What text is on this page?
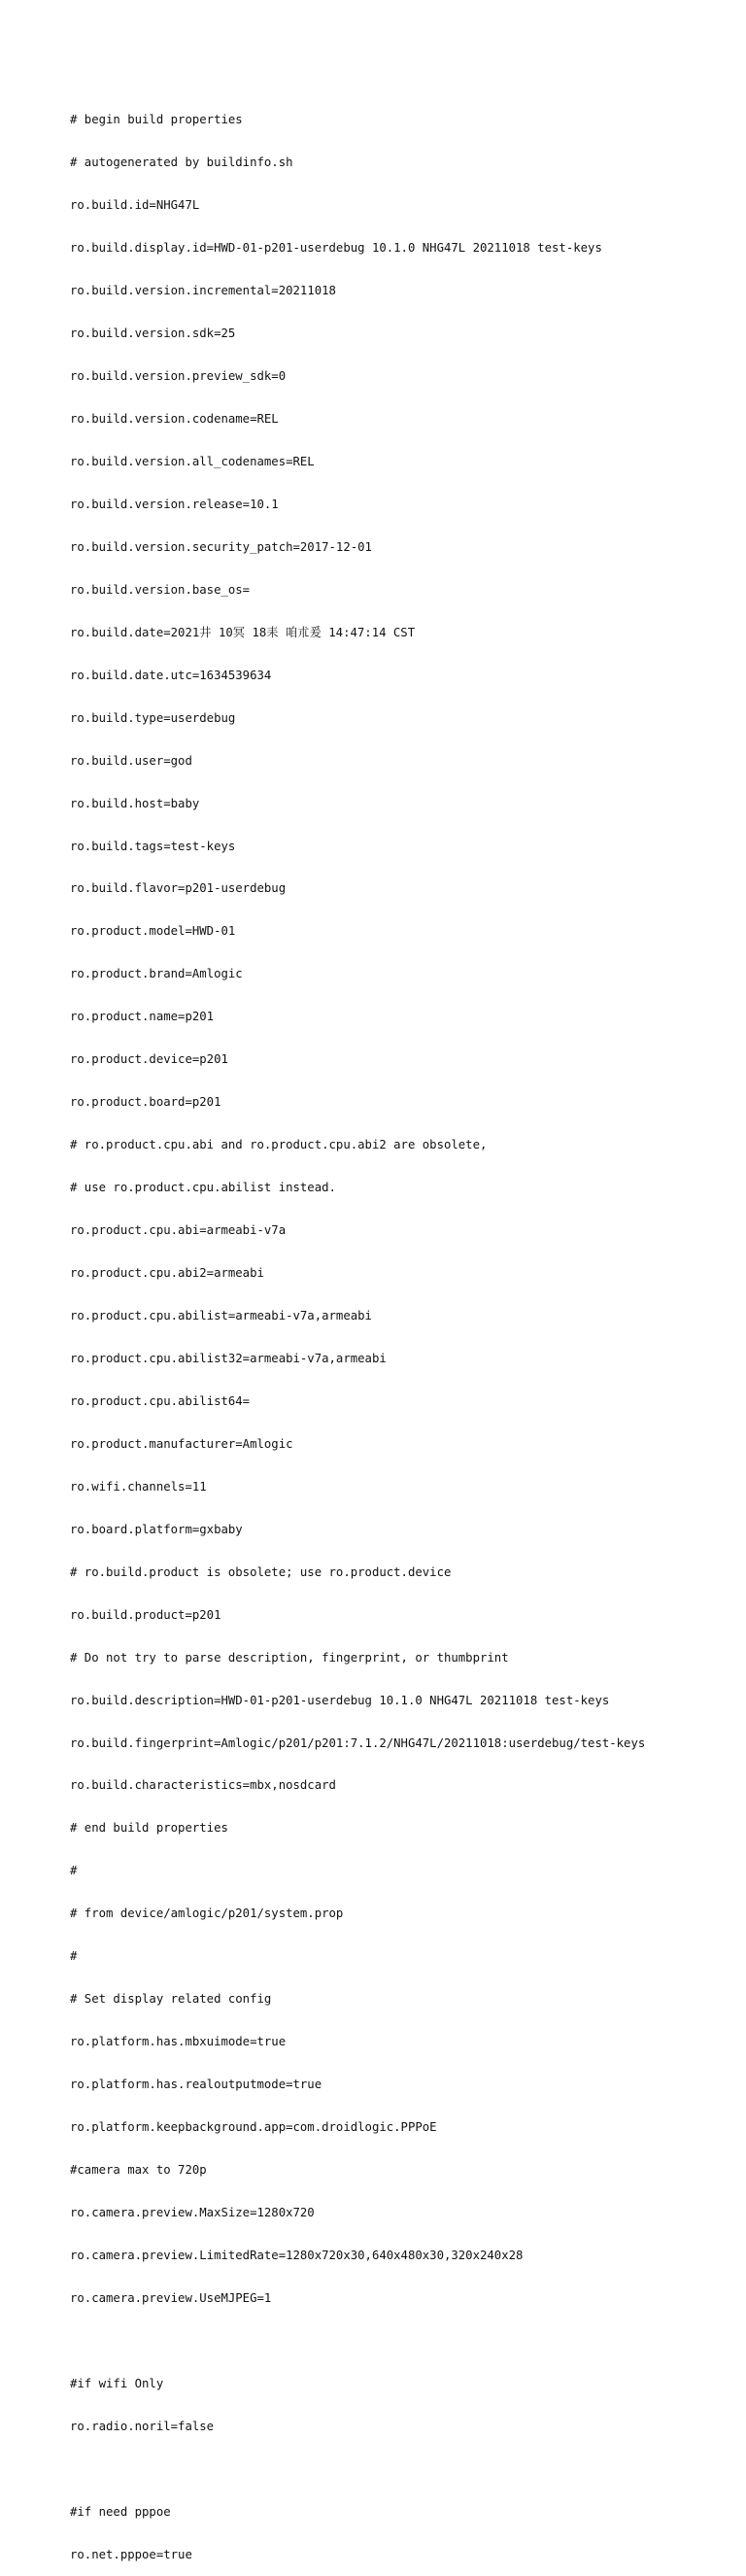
# begin build properties

# autogenerated by buildinfo.sh

ro.build.id=NHG47L

ro.build.display.id=HWD-01-p201-userdebug 10.1.0 NHG47L 20211018 test-keys

ro.build.version.incremental=20211018

ro.build.version.sdk=25

ro.build.version.preview_sdk=0

ro.build.version.codename=REL

ro.build.version.all_codenames=REL

ro.build.version.release=10.1

ro.build.version.security_patch=2017-12-01

ro.build.version.base_os=

ro.build.date=2021井 10冥 18耒 咱朮爰 14:47:14 CST

ro.build.date.utc=1634539634

ro.build.type=userdebug

ro.build.user=god

ro.build.host=baby

ro.build.tags=test-keys

ro.build.flavor=p201-userdebug

ro.product.model=HWD-01

ro.product.brand=Amlogic

ro.product.name=p201

ro.product.device=p201

ro.product.board=p201

# ro.product.cpu.abi and ro.product.cpu.abi2 are obsolete,

# use ro.product.cpu.abilist instead.

ro.product.cpu.abi=armeabi-v7a

ro.product.cpu.abi2=armeabi

ro.product.cpu.abilist=armeabi-v7a,armeabi

ro.product.cpu.abilist32=armeabi-v7a,armeabi

ro.product.cpu.abilist64=

ro.product.manufacturer=Amlogic

ro.wifi.channels=11

ro.board.platform=gxbaby

# ro.build.product is obsolete; use ro.product.device

ro.build.product=p201

# Do not try to parse description, fingerprint, or thumbprint

ro.build.description=HWD-01-p201-userdebug 10.1.0 NHG47L 20211018 test-keys

ro.build.fingerprint=Amlogic/p201/p201:7.1.2/NHG47L/20211018:userdebug/test-keys

ro.build.characteristics=mbx,nosdcard

# end build properties

#

# from device/amlogic/p201/system.prop

#

# Set display related config

ro.platform.has.mbxuimode=true

ro.platform.has.realoutputmode=true

ro.platform.keepbackground.app=com.droidlogic.PPPoE

#camera max to 720p

ro.camera.preview.MaxSize=1280x720

ro.camera.preview.LimitedRate=1280x720x30,640x480x30,320x240x28

ro.camera.preview.UseMJPEG=1

#if wifi Only

ro.radio.noril=false

#if need pppoe

ro.net.pppoe=true
